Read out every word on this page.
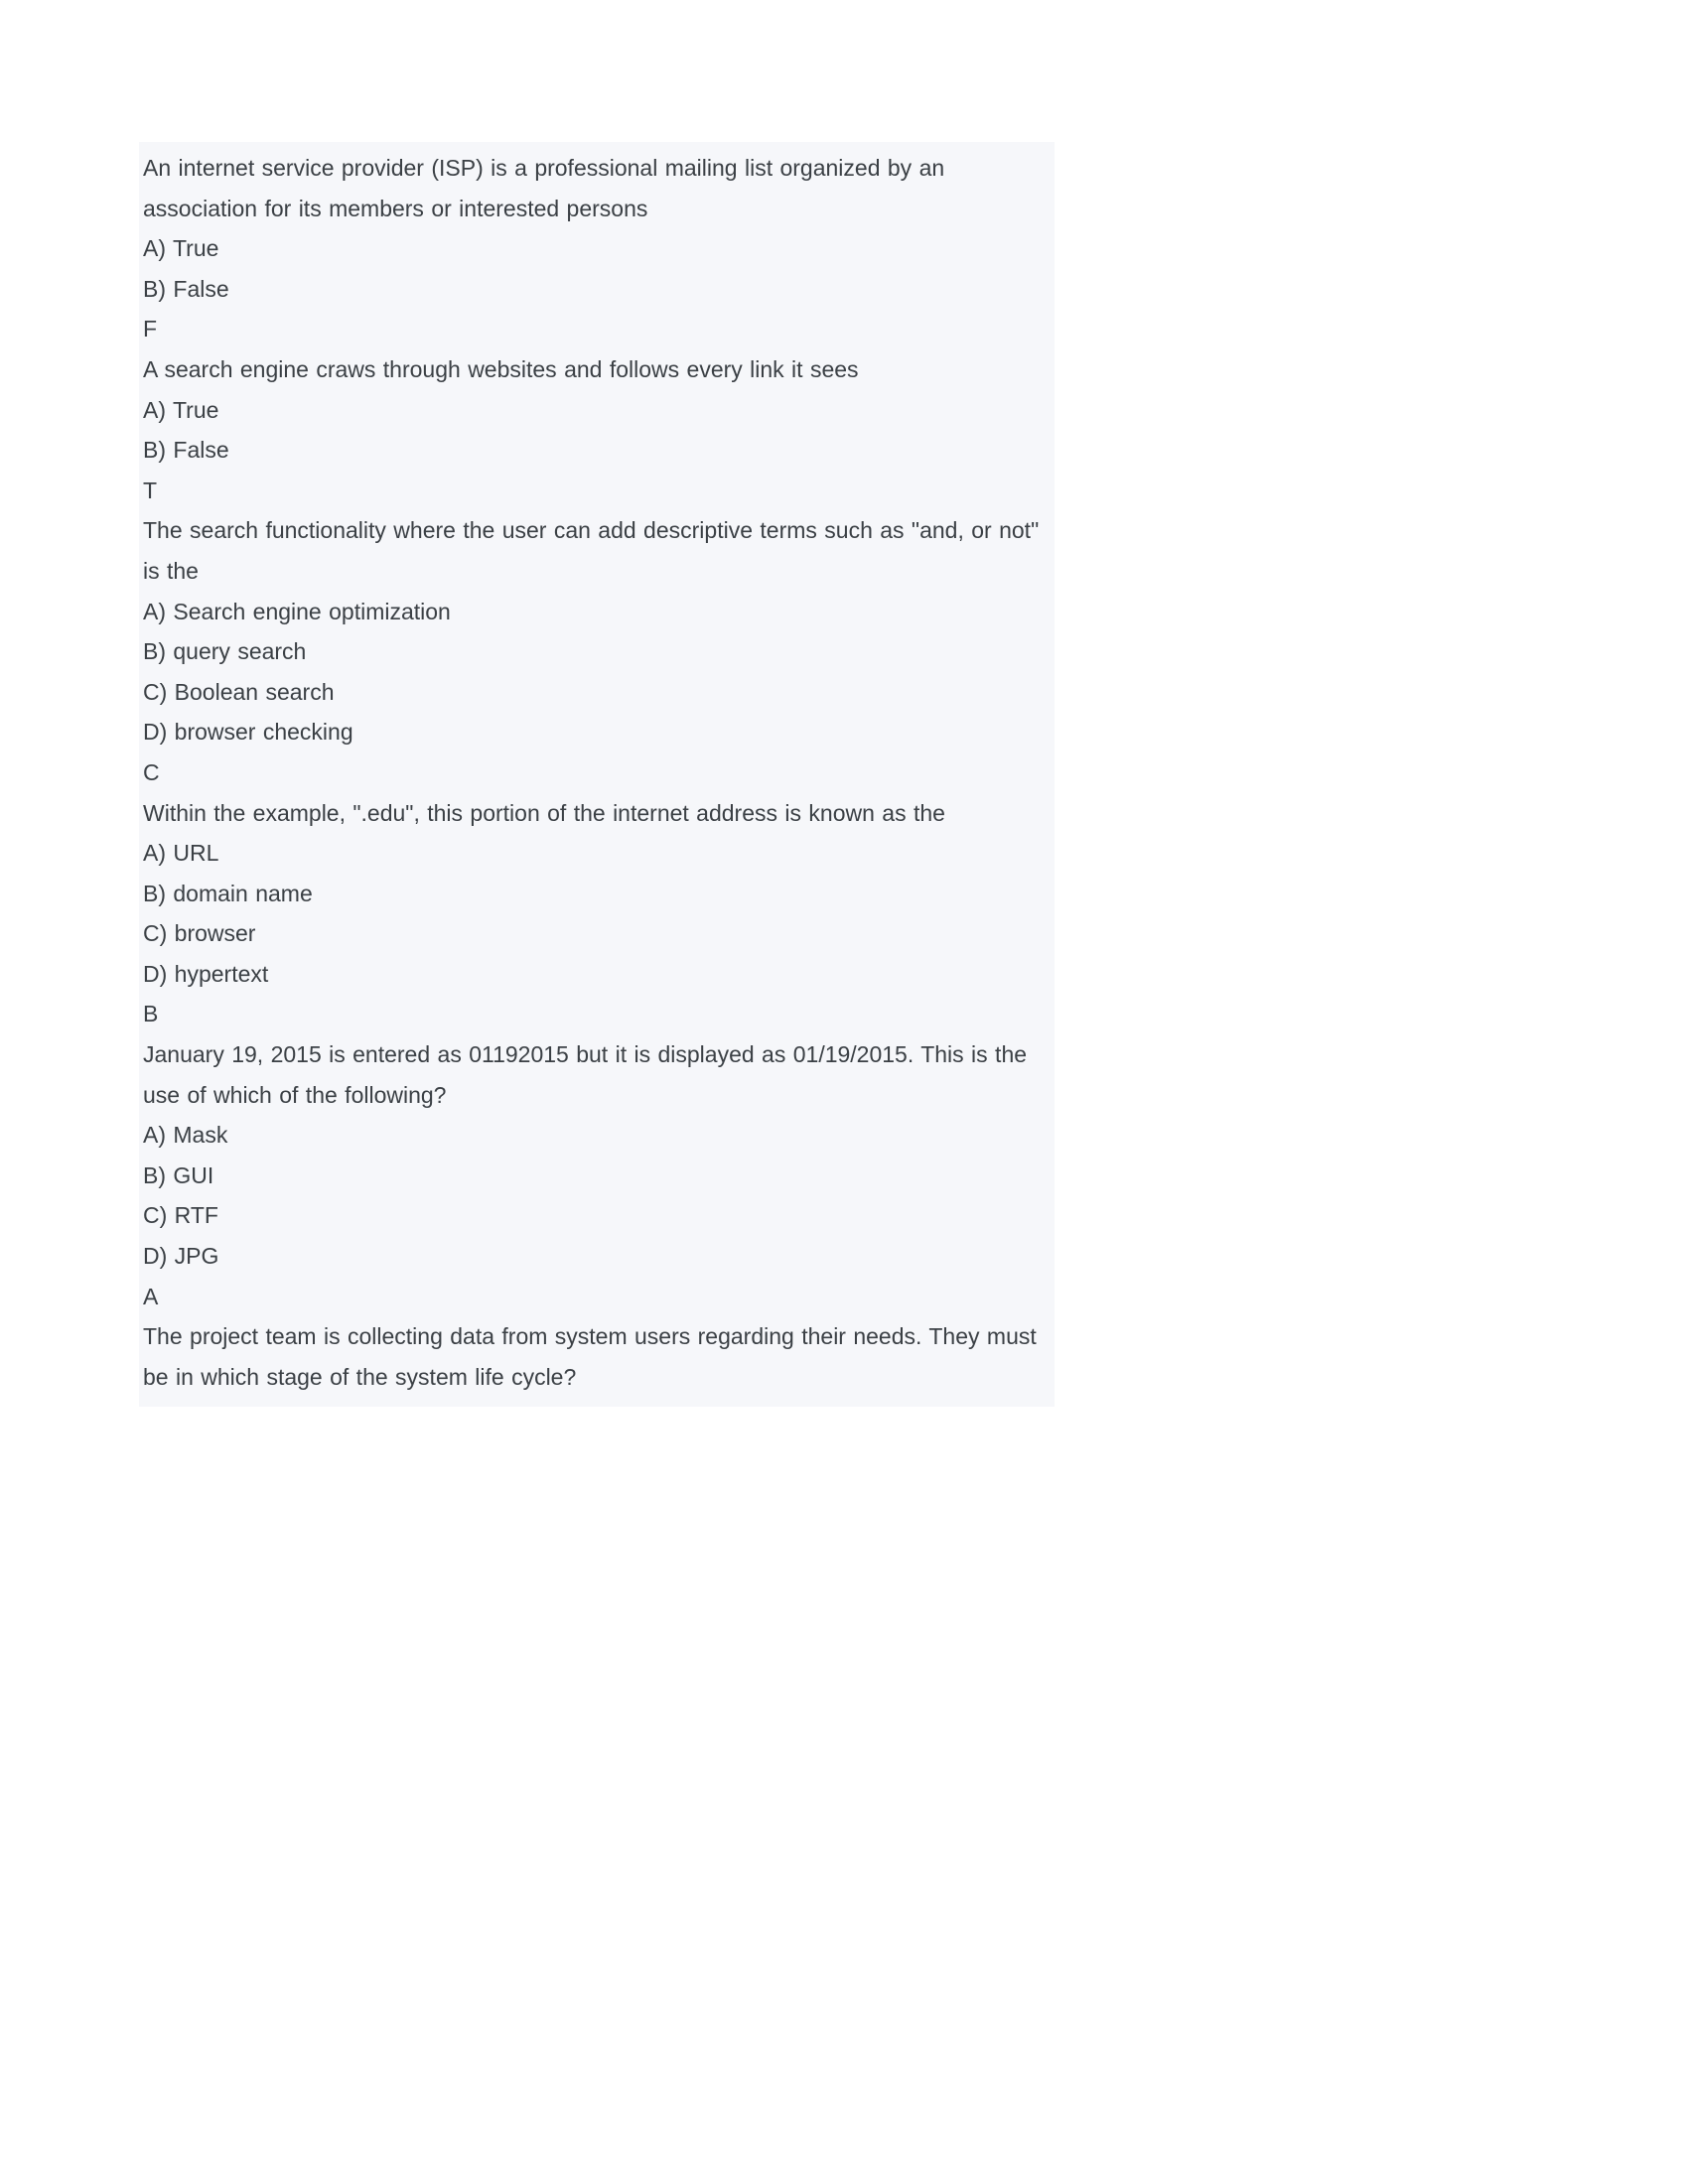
An internet service provider (ISP) is a professional mailing list organized by an association for its members or interested persons

A) True

B) False

F

A search engine craws through websites and follows every link it sees

A) True

B) False

T

The search functionality where the user can add descriptive terms such as "and, or not" is the

A) Search engine optimization

B) query search

C) Boolean search

D) browser checking

C

Within the example, ".edu", this portion of the internet address is known as the

A) URL

B) domain name

C) browser

D) hypertext

B

January 19, 2015 is entered as 01192015 but it is displayed as 01/19/2015. This is the use of which of the following?

A) Mask

B) GUI

C) RTF

D) JPG

A

The project team is collecting data from system users regarding their needs. They must be in which stage of the system life cycle?
